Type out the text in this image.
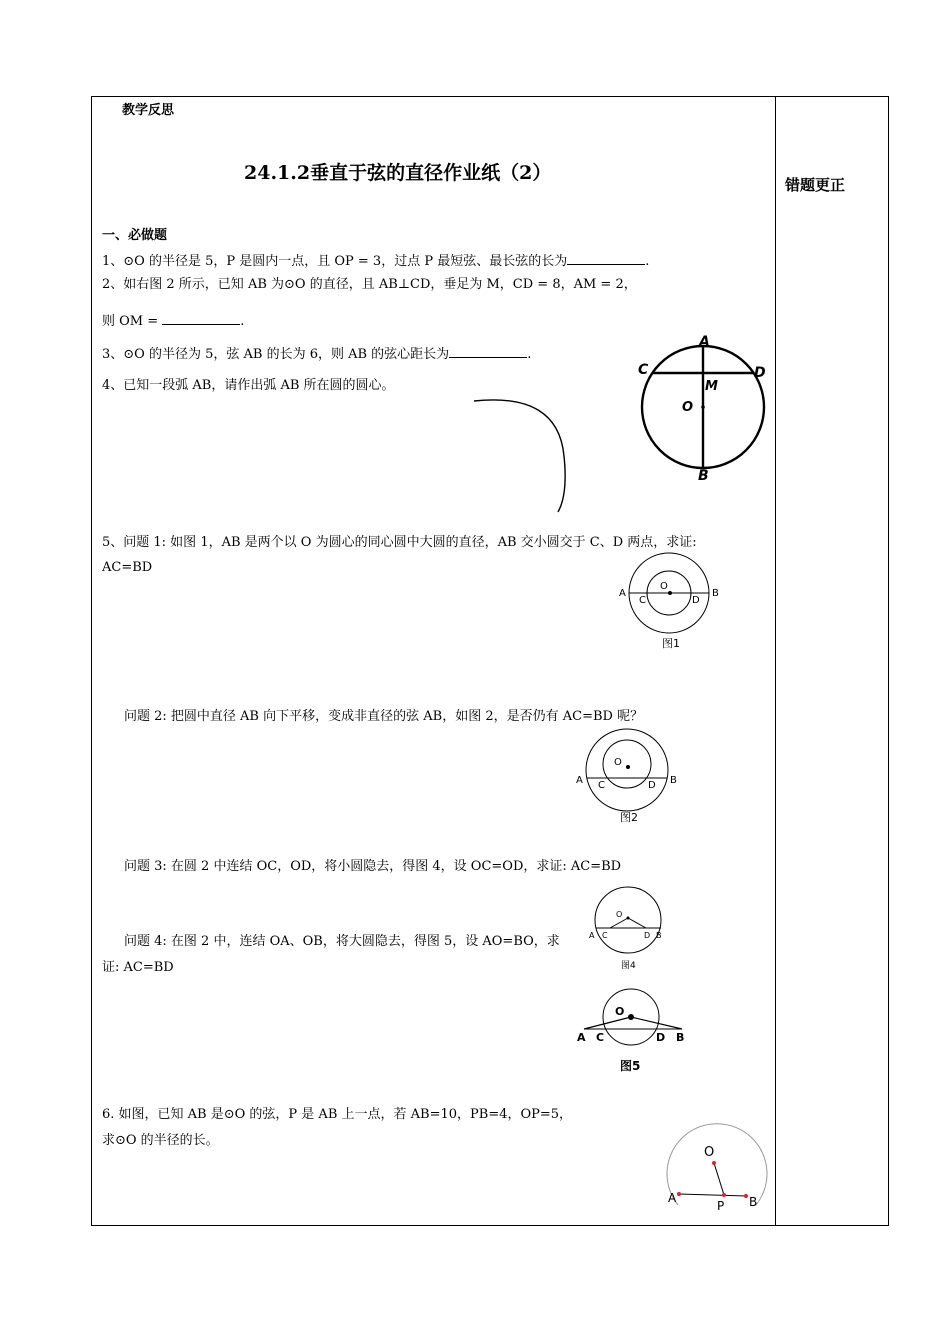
教学反思
24.1.2垂直于弦的直径作业纸（2）
错题更正
一、必做题
1、⊙O 的半径是 5，P 是圆内一点，且 OP = 3，过点 P 最短弦、最长弦的长为	.
2、如右图 2 所示，已知 AB 为⊙O 的直径，且 AB⊥CD，垂足为 M，CD = 8，AM = 2，
则 OM =	.
3、⊙O 的半径为 5，弦 AB 的长为 6，则 AB 的弦心距长为	.
4、已知一段弧 AB，请作出弧 AB 所在圆的圆心。
A
B
C	D
M
O
5、问题 1: 如图 1，AB 是两个以 O 为圆心的同心圆中大圆的直径，AB 交小圆交于 C、D 两点，求证:
AC=BD
A	B
C	D
O
图1
问题 2: 把圆中直径 AB 向下平移，变成非直径的弦 AB，如图 2，是否仍有 AC=BD 呢？
A	B
C	D
O
图2
问题 3: 在圆 2 中连结 OC，OD，将小圆隐去，得图 4，设 OC=OD，求证: AC=BD
A	B
C	D
O
图4
问题 4: 在图 2 中，连结 OA、OB，将大圆隐去，得图 5，设 AO=BO，求
证: AC=BD
A	B
C	D
O
图5
6. 如图，已知 AB 是⊙O 的弦，P 是 AB 上一点，若 AB=10，PB=4，OP=5，
求⊙O 的半径的长。
O
A
P B
